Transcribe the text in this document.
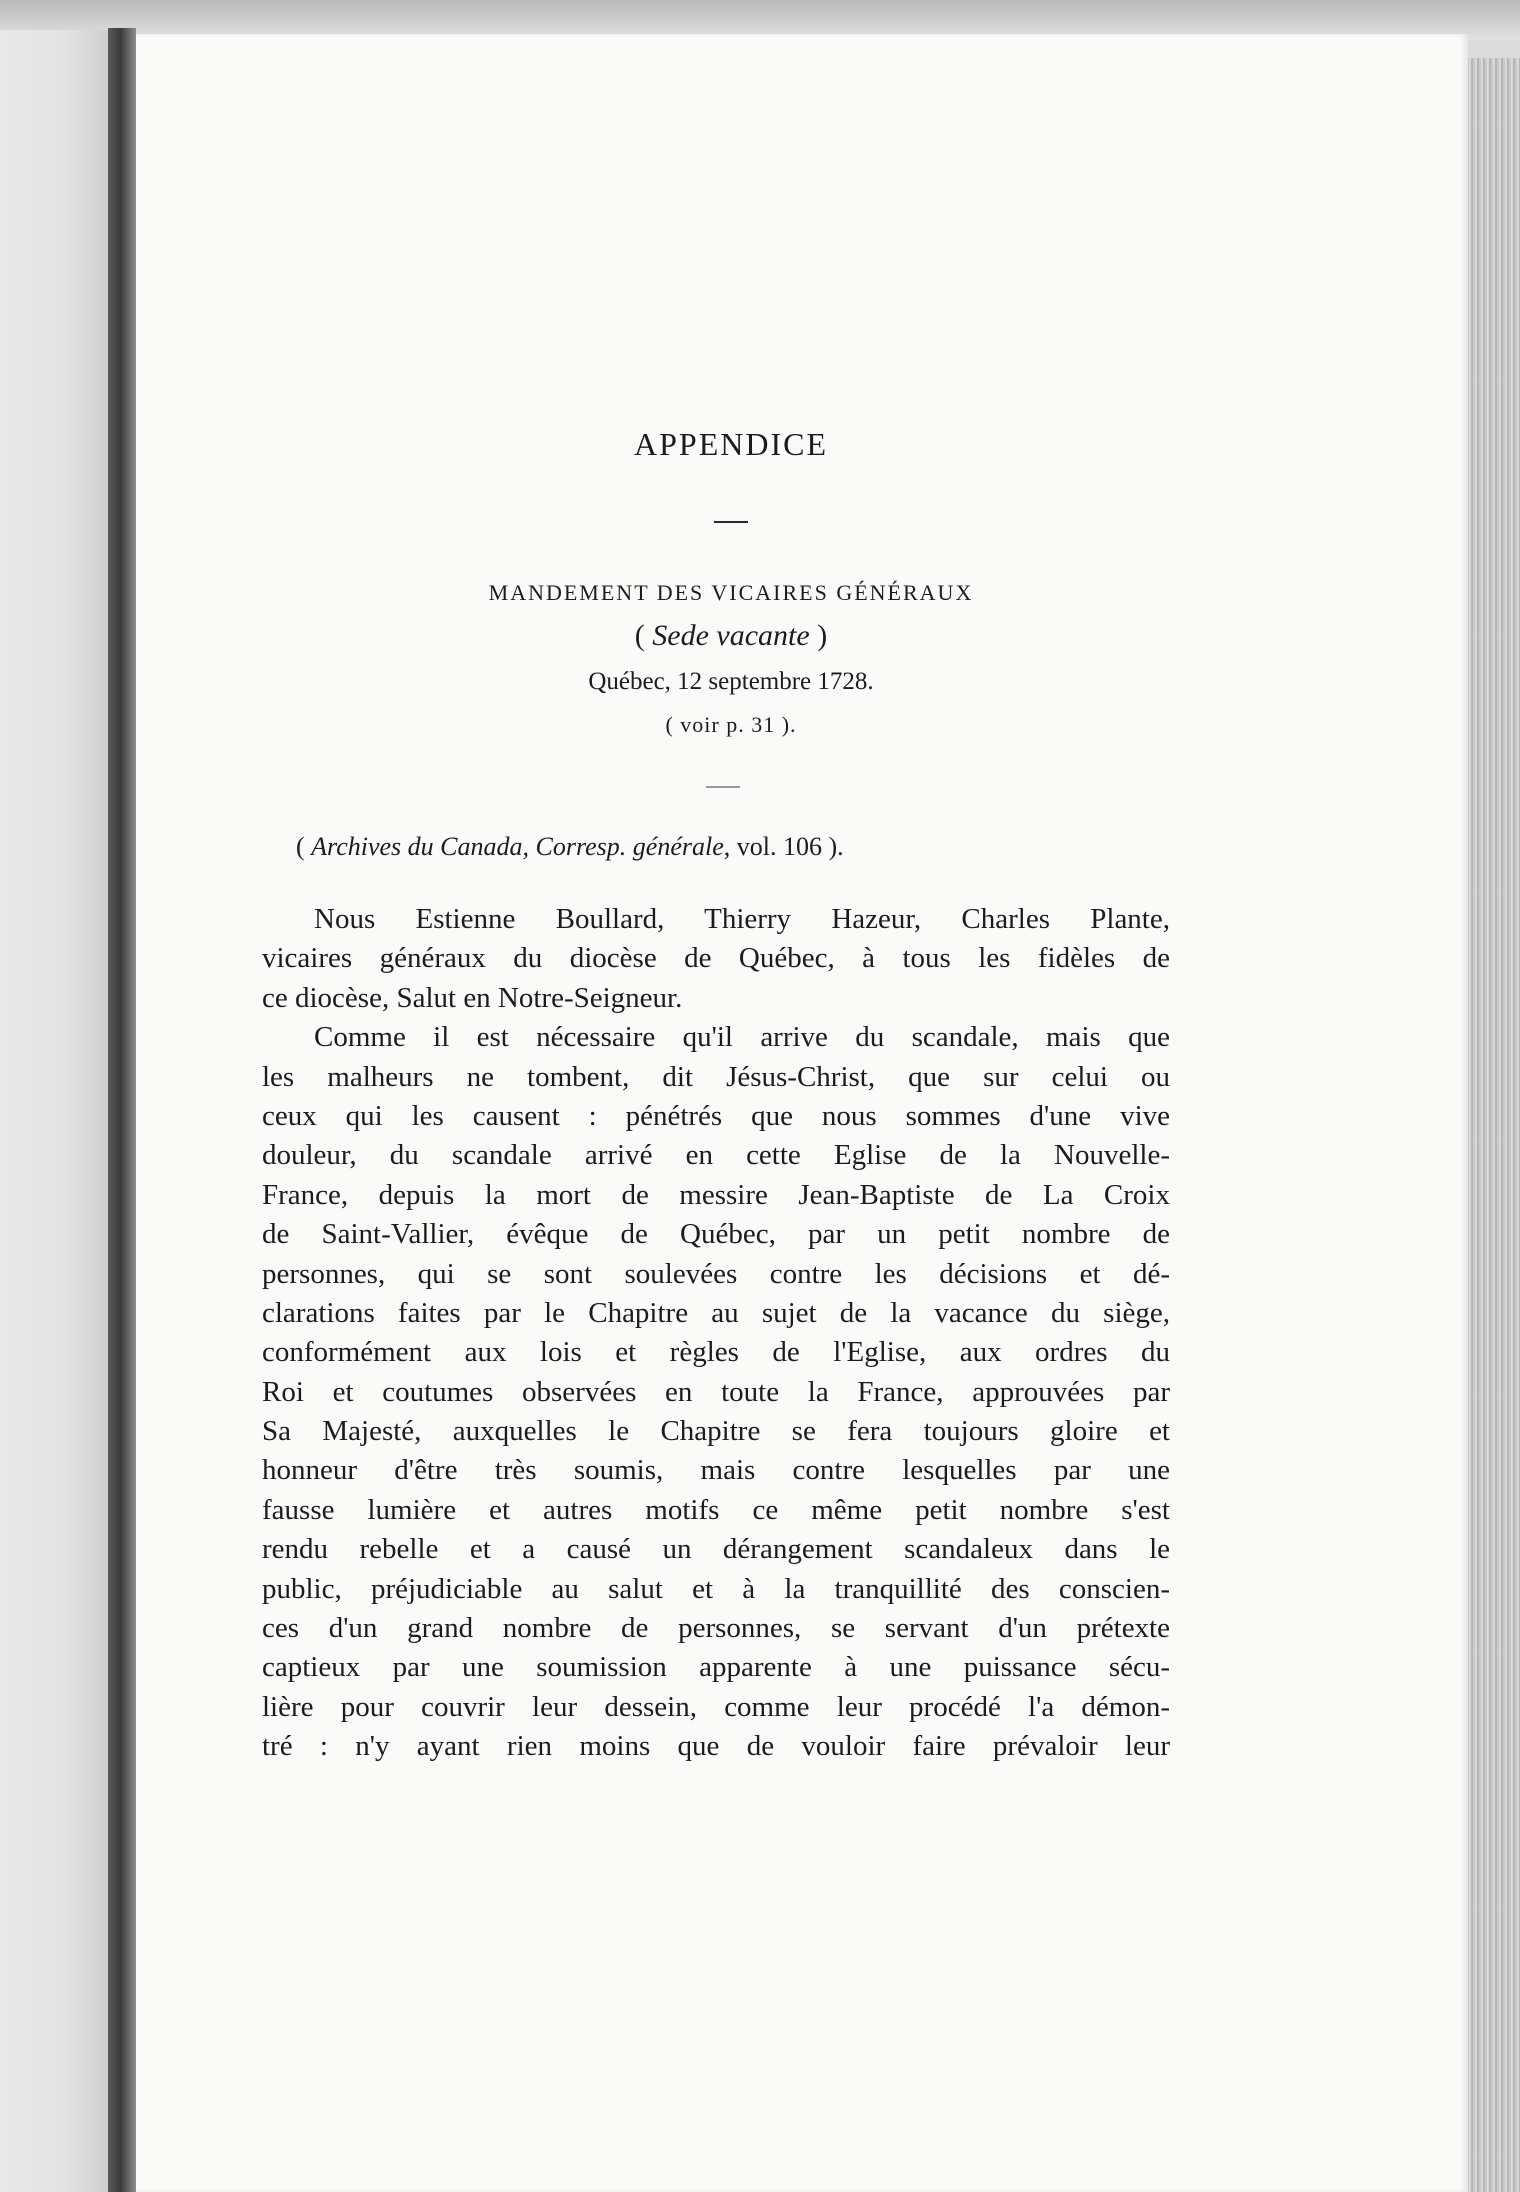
APPENDICE
MANDEMENT DES VICAIRES GÉNÉRAUX
( Sede vacante )
Québec, 12 septembre 1728.
( voir p. 31 ).
( Archives du Canada, Corresp. générale, vol. 106 ).
Nous Estienne Boullard, Thierry Hazeur, Charles Plante,
vicaires généraux du diocèse de Québec, à tous les fidèles de
ce diocèse, Salut en Notre-Seigneur.
Comme il est nécessaire qu'il arrive du scandale, mais que
les malheurs ne tombent, dit Jésus-Christ, que sur celui ou
ceux qui les causent : pénétrés que nous sommes d'une vive
douleur, du scandale arrivé en cette Eglise de la Nouvelle-
France, depuis la mort de messire Jean-Baptiste de La Croix
de Saint-Vallier, évêque de Québec, par un petit nombre de
personnes, qui se sont soulevées contre les décisions et dé-
clarations faites par le Chapitre au sujet de la vacance du siège,
conformément aux lois et règles de l'Eglise, aux ordres du
Roi et coutumes observées en toute la France, approuvées par
Sa Majesté, auxquelles le Chapitre se fera toujours gloire et
honneur d'être très soumis, mais contre lesquelles par une
fausse lumière et autres motifs ce même petit nombre s'est
rendu rebelle et a causé un dérangement scandaleux dans le
public, préjudiciable au salut et à la tranquillité des conscien-
ces d'un grand nombre de personnes, se servant d'un prétexte
captieux par une soumission apparente à une puissance sécu-
lière pour couvrir leur dessein, comme leur procédé l'a démon-
tré : n'y ayant rien moins que de vouloir faire prévaloir leur
